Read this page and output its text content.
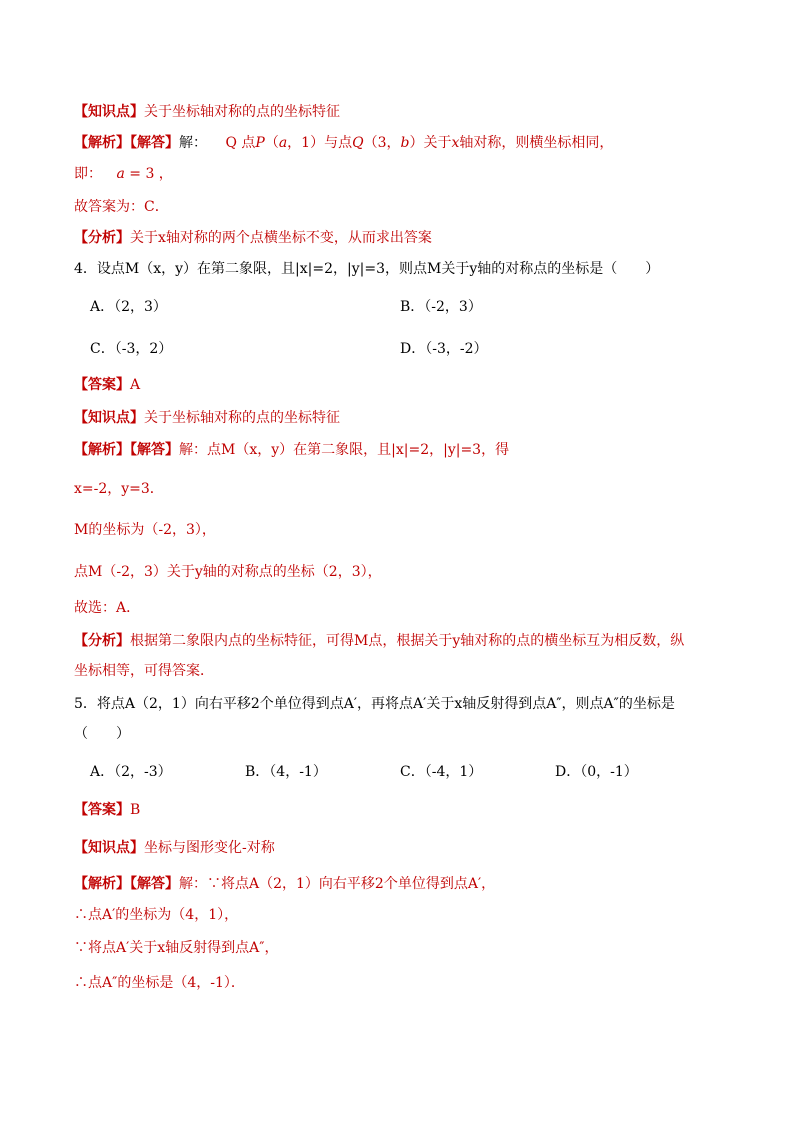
【知识点】关于坐标轴对称的点的坐标特征
【解析】【解答】解： Q 点P（a，1）与点Q（3，b）关于x轴对称，则横坐标相同，
即： a = 3 ，
故答案为：C．
【分析】关于x轴对称的两个点横坐标不变，从而求出答案
4．设点M（x，y）在第二象限，且|x|=2，|y|=3，则点M关于y轴的对称点的坐标是（　　）
A．（2，3）	B．（-2，3）
C．（-3，2）	D．（-3，-2）
【答案】A
【知识点】关于坐标轴对称的点的坐标特征
【解析】【解答】解：点M（x，y）在第二象限，且|x|=2，|y|=3，得
x=-2，y=3．
M的坐标为（-2，3），
点M（-2，3）关于y轴的对称点的坐标（2，3），
故选：A．
【分析】根据第二象限内点的坐标特征，可得M点，根据关于y轴对称的点的横坐标互为相反数，纵
坐标相等，可得答案．
5．将点A（2，1）向右平移2个单位得到点A′，再将点A′关于x轴反射得到点A″，则点A″的坐标是
（　　）
A．（2，-3）	B．（4，-1）	C．（-4，1）	D．（0，-1）
【答案】B
【知识点】坐标与图形变化-对称
【解析】【解答】解：∵将点A（2，1）向右平移2个单位得到点A′，
∴点A′的坐标为（4，1），
∵将点A′关于x轴反射得到点A″，
∴点A″的坐标是（4，-1）．
